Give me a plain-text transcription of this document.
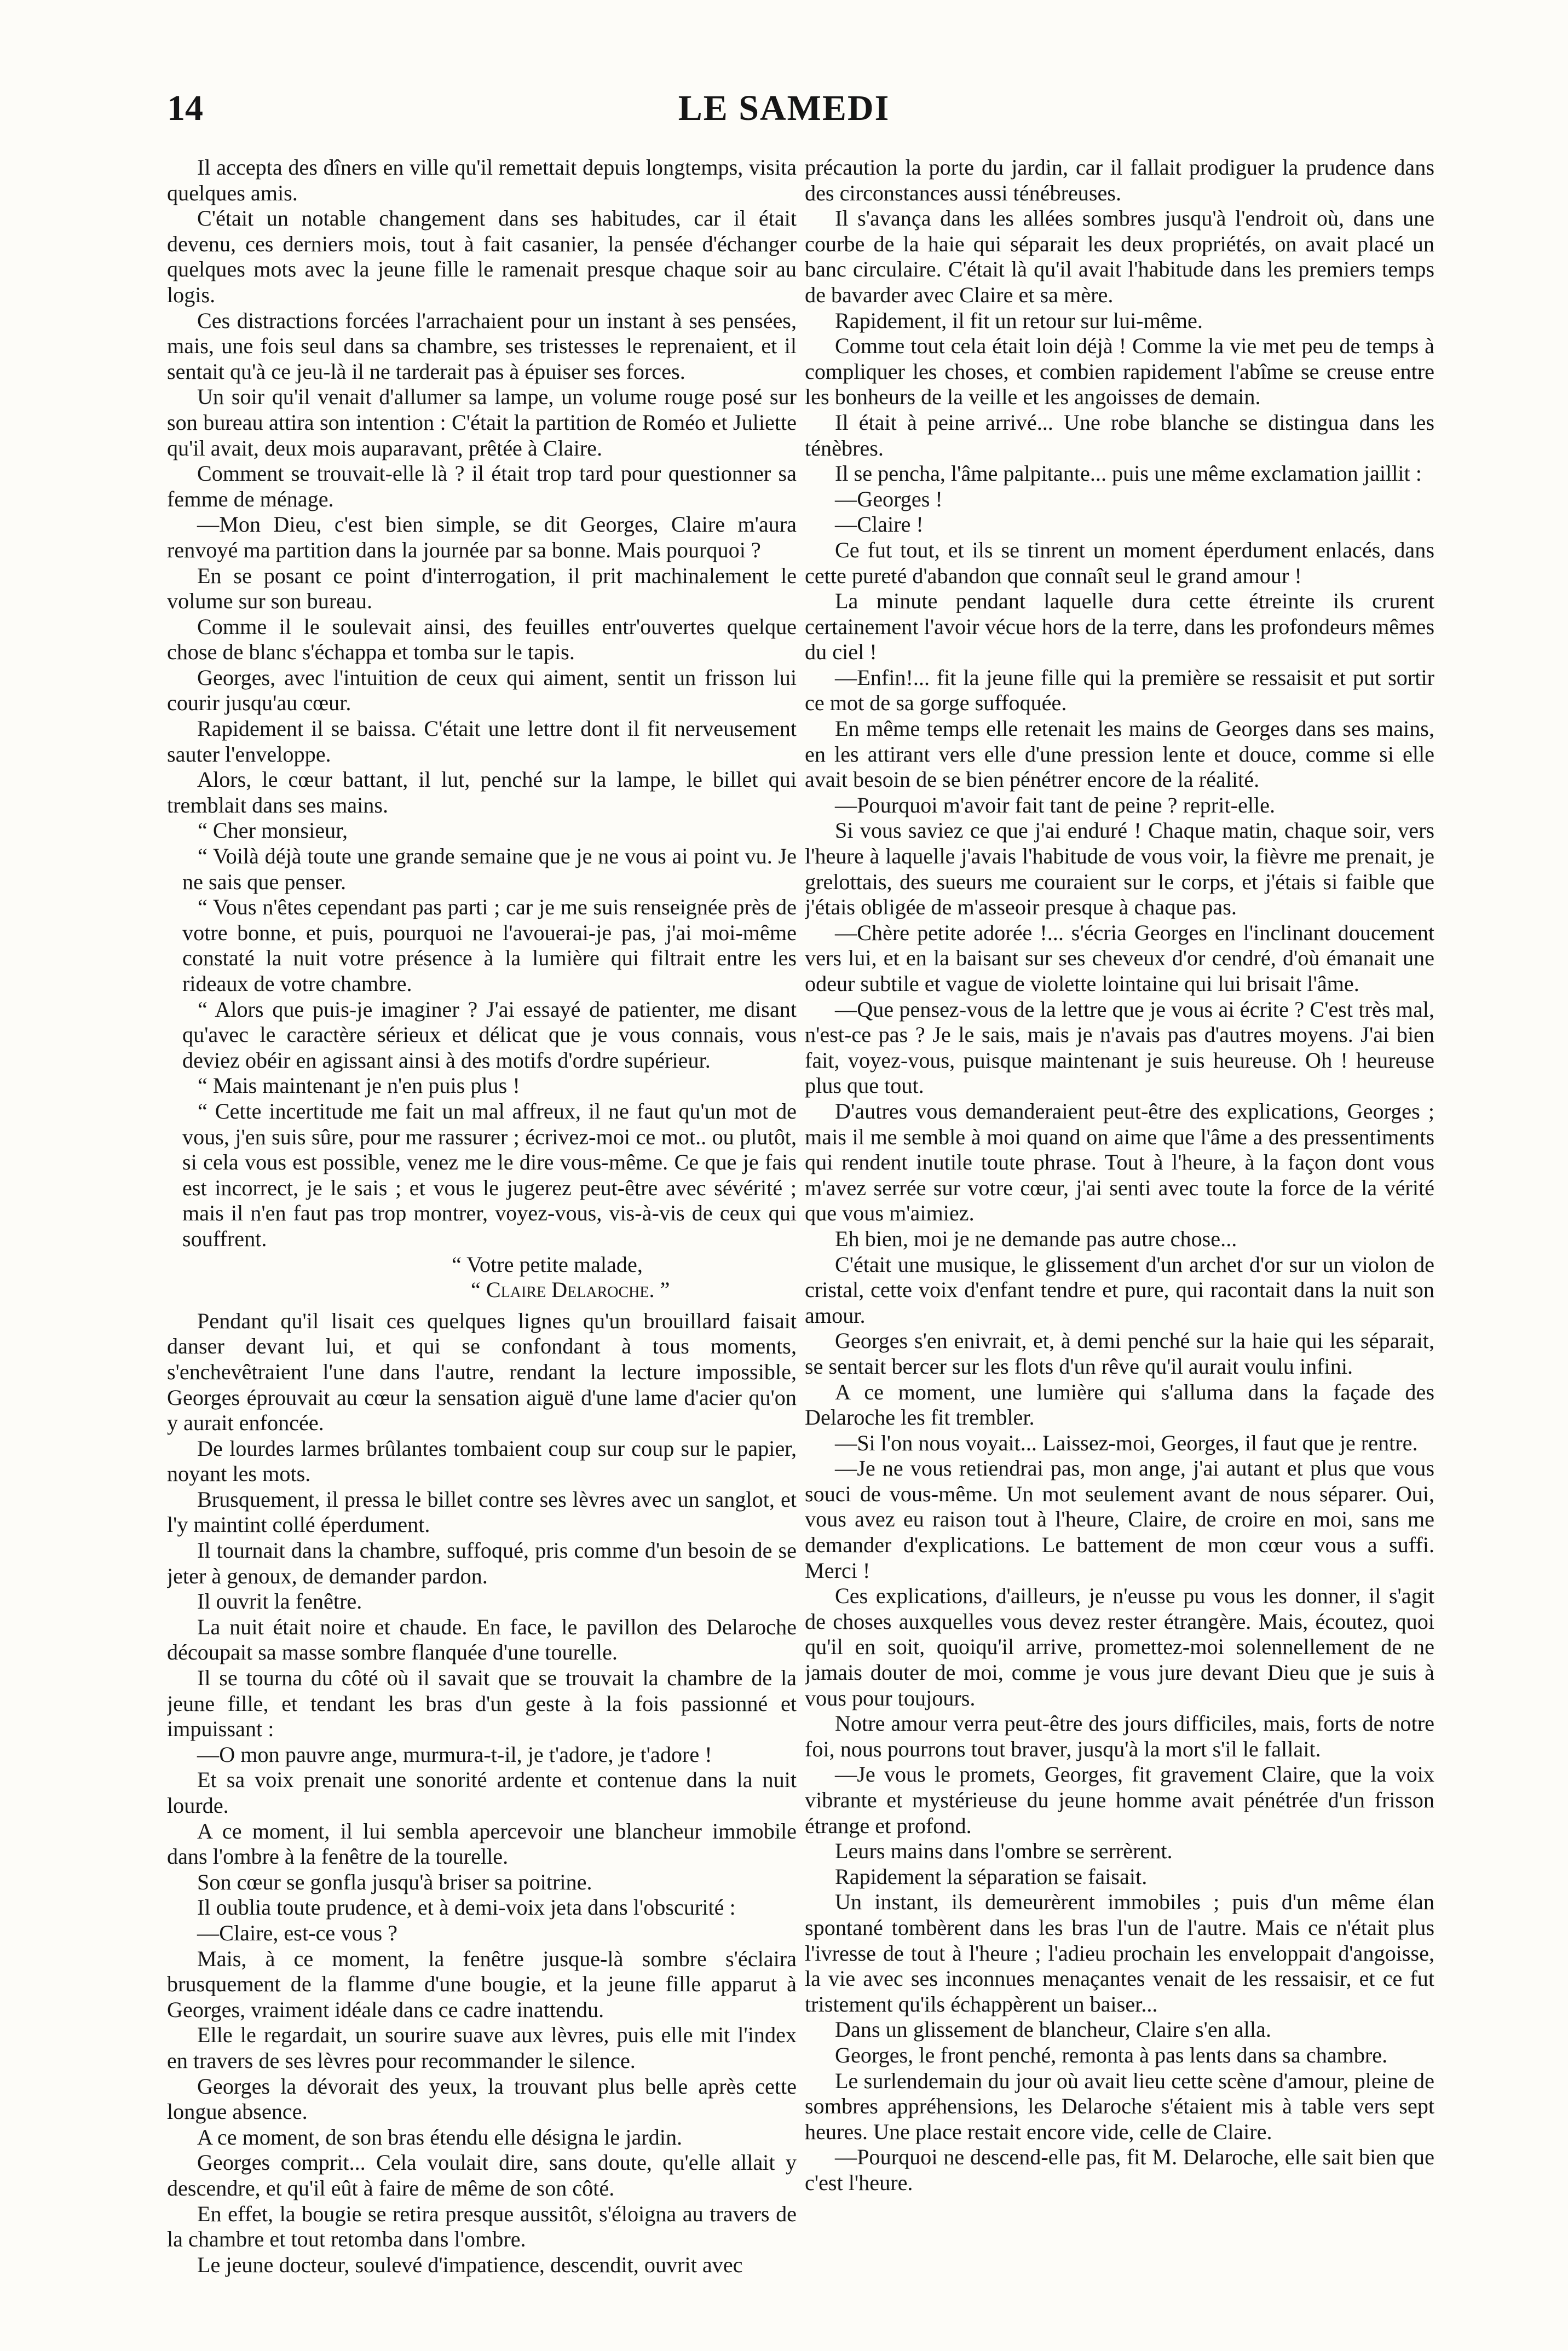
14	LE SAMEDI

Il accepta des dîners en ville qu'il remettait depuis longtemps, visita quelques amis.

C'était un notable changement dans ses habitudes, car il était devenu, ces derniers mois, tout à fait casanier, la pensée d'échanger quelques mots avec la jeune fille le ramenait presque chaque soir au logis.

Ces distractions forcées l'arrachaient pour un instant à ses pensées, mais, une fois seul dans sa chambre, ses tristesses le reprenaient, et il sentait qu'à ce jeu-là il ne tarderait pas à épuiser ses forces.

Un soir qu'il venait d'allumer sa lampe, un volume rouge posé sur son bureau attira son intention : C'était la partition de Roméo et Juliette qu'il avait, deux mois auparavant, prêtée à Claire.

Comment se trouvait-elle là ? il était trop tard pour questionner sa femme de ménage.

—Mon Dieu, c'est bien simple, se dit Georges, Claire m'aura renvoyé ma partition dans la journée par sa bonne. Mais pourquoi ?

En se posant ce point d'interrogation, il prit machinalement le volume sur son bureau.

Comme il le soulevait ainsi, des feuilles entr'ouvertes quelque chose de blanc s'échappa et tomba sur le tapis.

Georges, avec l'intuition de ceux qui aiment, sentit un frisson lui courir jusqu'au cœur.

Rapidement il se baissa. C'était une lettre dont il fit nerveusement sauter l'enveloppe.

Alors, le cœur battant, il lut, penché sur la lampe, le billet qui tremblait dans ses mains.

“ Cher monsieur,

“ Voilà déjà toute une grande semaine que je ne vous ai point vu. Je ne sais que penser.

“ Vous n'êtes cependant pas parti ; car je me suis renseignée près de votre bonne, et puis, pourquoi ne l'avouerai-je pas, j'ai moi-même constaté la nuit votre présence à la lumière qui filtrait entre les rideaux de votre chambre.

“ Alors que puis-je imaginer ? J'ai essayé de patienter, me disant qu'avec le caractère sérieux et délicat que je vous connais, vous deviez obéir en agissant ainsi à des motifs d'ordre supérieur.

“ Mais maintenant je n'en puis plus !

“ Cette incertitude me fait un mal affreux, il ne faut qu'un mot de vous, j'en suis sûre, pour me rassurer ; écrivez-moi ce mot.. ou plutôt, si cela vous est possible, venez me le dire vous-même. Ce que je fais est incorrect, je le sais ; et vous le jugerez peut-être avec sévérité ; mais il n'en faut pas trop montrer, voyez-vous, vis-à-vis de ceux qui souffrent.

“ Votre petite malade,

“ Claire Delaroche. ”

Pendant qu'il lisait ces quelques lignes qu'un brouillard faisait danser devant lui, et qui se confondant à tous moments, s'enchevêtraient l'une dans l'autre, rendant la lecture impossible, Georges éprouvait au cœur la sensation aiguë d'une lame d'acier qu'on y aurait enfoncée.

De lourdes larmes brûlantes tombaient coup sur coup sur le papier, noyant les mots.

Brusquement, il pressa le billet contre ses lèvres avec un sanglot, et l'y maintint collé éperdument.

Il tournait dans la chambre, suffoqué, pris comme d'un besoin de se jeter à genoux, de demander pardon.

Il ouvrit la fenêtre.

La nuit était noire et chaude. En face, le pavillon des Delaroche découpait sa masse sombre flanquée d'une tourelle.

Il se tourna du côté où il savait que se trouvait la chambre de la jeune fille, et tendant les bras d'un geste à la fois passionné et impuissant :

—O mon pauvre ange, murmura-t-il, je t'adore, je t'adore !

Et sa voix prenait une sonorité ardente et contenue dans la nuit lourde.

A ce moment, il lui sembla apercevoir une blancheur immobile dans l'ombre à la fenêtre de la tourelle.

Son cœur se gonfla jusqu'à briser sa poitrine.

Il oublia toute prudence, et à demi-voix jeta dans l'obscurité :

—Claire, est-ce vous ?

Mais, à ce moment, la fenêtre jusque-là sombre s'éclaira brusquement de la flamme d'une bougie, et la jeune fille apparut à Georges, vraiment idéale dans ce cadre inattendu.

Elle le regardait, un sourire suave aux lèvres, puis elle mit l'index en travers de ses lèvres pour recommander le silence.

Georges la dévorait des yeux, la trouvant plus belle après cette longue absence.

A ce moment, de son bras étendu elle désigna le jardin.

Georges comprit... Cela voulait dire, sans doute, qu'elle allait y descendre, et qu'il eût à faire de même de son côté.

En effet, la bougie se retira presque aussitôt, s'éloigna au travers de la chambre et tout retomba dans l'ombre.

Le jeune docteur, soulevé d'impatience, descendit, ouvrit avec

précaution la porte du jardin, car il fallait prodiguer la prudence dans des circonstances aussi ténébreuses.

Il s'avança dans les allées sombres jusqu'à l'endroit où, dans une courbe de la haie qui séparait les deux propriétés, on avait placé un banc circulaire. C'était là qu'il avait l'habitude dans les premiers temps de bavarder avec Claire et sa mère.

Rapidement, il fit un retour sur lui-même.

Comme tout cela était loin déjà ! Comme la vie met peu de temps à compliquer les choses, et combien rapidement l'abîme se creuse entre les bonheurs de la veille et les angoisses de demain.

Il était à peine arrivé... Une robe blanche se distingua dans les ténèbres.

Il se pencha, l'âme palpitante... puis une même exclamation jaillit :

—Georges !

—Claire !

Ce fut tout, et ils se tinrent un moment éperdument enlacés, dans cette pureté d'abandon que connaît seul le grand amour !

La minute pendant laquelle dura cette étreinte ils crurent certainement l'avoir vécue hors de la terre, dans les profondeurs mêmes du ciel !

—Enfin!... fit la jeune fille qui la première se ressaisit et put sortir ce mot de sa gorge suffoquée.

En même temps elle retenait les mains de Georges dans ses mains, en les attirant vers elle d'une pression lente et douce, comme si elle avait besoin de se bien pénétrer encore de la réalité.

—Pourquoi m'avoir fait tant de peine ? reprit-elle.

Si vous saviez ce que j'ai enduré ! Chaque matin, chaque soir, vers l'heure à laquelle j'avais l'habitude de vous voir, la fièvre me prenait, je grelottais, des sueurs me couraient sur le corps, et j'étais si faible que j'étais obligée de m'asseoir presque à chaque pas.

—Chère petite adorée !... s'écria Georges en l'inclinant doucement vers lui, et en la baisant sur ses cheveux d'or cendré, d'où émanait une odeur subtile et vague de violette lointaine qui lui brisait l'âme.

—Que pensez-vous de la lettre que je vous ai écrite ? C'est très mal, n'est-ce pas ? Je le sais, mais je n'avais pas d'autres moyens. J'ai bien fait, voyez-vous, puisque maintenant je suis heureuse. Oh ! heureuse plus que tout.

D'autres vous demanderaient peut-être des explications, Georges ; mais il me semble à moi quand on aime que l'âme a des pressentiments qui rendent inutile toute phrase. Tout à l'heure, à la façon dont vous m'avez serrée sur votre cœur, j'ai senti avec toute la force de la vérité que vous m'aimiez.

Eh bien, moi je ne demande pas autre chose...

C'était une musique, le glissement d'un archet d'or sur un violon de cristal, cette voix d'enfant tendre et pure, qui racontait dans la nuit son amour.

Georges s'en enivrait, et, à demi penché sur la haie qui les séparait, se sentait bercer sur les flots d'un rêve qu'il aurait voulu infini.

A ce moment, une lumière qui s'alluma dans la façade des Delaroche les fit trembler.

—Si l'on nous voyait... Laissez-moi, Georges, il faut que je rentre.

—Je ne vous retiendrai pas, mon ange, j'ai autant et plus que vous souci de vous-même. Un mot seulement avant de nous séparer. Oui, vous avez eu raison tout à l'heure, Claire, de croire en moi, sans me demander d'explications. Le battement de mon cœur vous a suffi. Merci !

Ces explications, d'ailleurs, je n'eusse pu vous les donner, il s'agit de choses auxquelles vous devez rester étrangère. Mais, écoutez, quoi qu'il en soit, quoiqu'il arrive, promettez-moi solennellement de ne jamais douter de moi, comme je vous jure devant Dieu que je suis à vous pour toujours.

Notre amour verra peut-être des jours difficiles, mais, forts de notre foi, nous pourrons tout braver, jusqu'à la mort s'il le fallait.

—Je vous le promets, Georges, fit gravement Claire, que la voix vibrante et mystérieuse du jeune homme avait pénétrée d'un frisson étrange et profond.

Leurs mains dans l'ombre se serrèrent.

Rapidement la séparation se faisait.

Un instant, ils demeurèrent immobiles ; puis d'un même élan spontané tombèrent dans les bras l'un de l'autre. Mais ce n'était plus l'ivresse de tout à l'heure ; l'adieu prochain les enveloppait d'angoisse, la vie avec ses inconnues menaçantes venait de les ressaisir, et ce fut tristement qu'ils échappèrent un baiser...

Dans un glissement de blancheur, Claire s'en alla.

Georges, le front penché, remonta à pas lents dans sa chambre.

Le surlendemain du jour où avait lieu cette scène d'amour, pleine de sombres appréhensions, les Delaroche s'étaient mis à table vers sept heures. Une place restait encore vide, celle de Claire.

—Pourquoi ne descend-elle pas, fit M. Delaroche, elle sait bien que c'est l'heure.
